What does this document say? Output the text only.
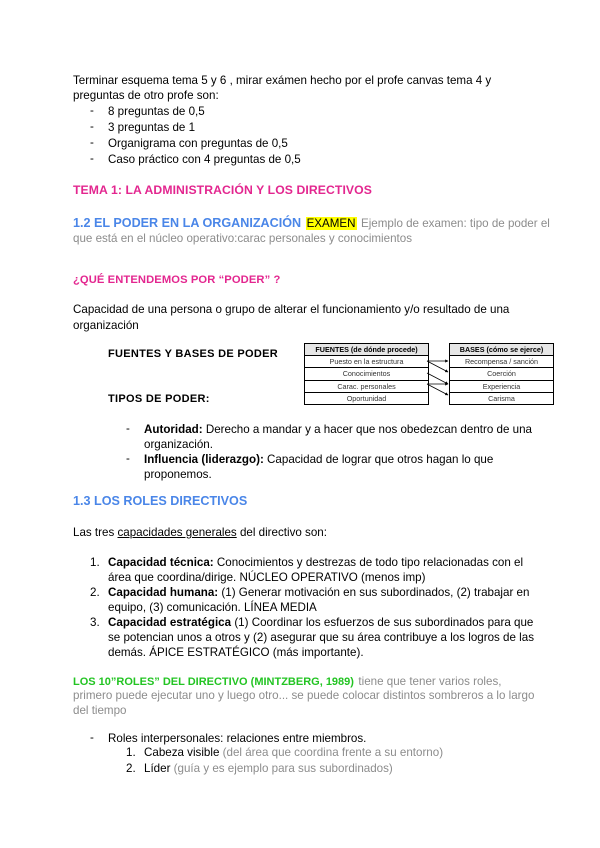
Terminar esquema tema 5 y 6 , mirar exámen hecho por el profe canvas tema 4 y
preguntas de otro profe son:
- 8 preguntas de 0,5
- 3 preguntas de 1
- Organigrama con preguntas de 0,5
- Caso práctico con 4 preguntas de 0,5
TEMA 1: LA ADMINISTRACIÓN Y LOS DIRECTIVOS
1.2 EL PODER EN LA ORGANIZACIÓN EXAMEN Ejemplo de examen: tipo de poder el
que está en el núcleo operativo:carac personales y conocimientos
¿QUÉ ENTENDEMOS POR “PODER” ?
Capacidad de una persona o grupo de alterar el funcionamiento y/o resultado de una
organización
FUENTES Y BASES DE PODER	FUENTES (de dónde procede)
Puesto en la estructura
Conocimientos
Carac. personales
Oportunidad
BASES (cómo se ejerce)
Recompensa / sanción
Coerción
Experiencia
Carisma
TIPOS DE PODER:
- Autoridad: Derecho a mandar y a hacer que nos obedezcan dentro de una
organización.
- Influencia (liderazgo): Capacidad de lograr que otros hagan lo que
proponemos.
1.3 LOS ROLES DIRECTIVOS
Las tres capacidades generales del directivo son:
1. Capacidad técnica: Conocimientos y destrezas de todo tipo relacionadas con el
área que coordina/dirige. NÚCLEO OPERATIVO (menos imp)
2. Capacidad humana: (1) Generar motivación en sus subordinados, (2) trabajar en
equipo, (3) comunicación. LÍNEA MEDIA
3. Capacidad estratégica (1) Coordinar los esfuerzos de sus subordinados para que
se potencian unos a otros y (2) asegurar que su área contribuye a los logros de las
demás. ÁPICE ESTRATÉGICO (más importante).
LOS 10”ROLES” DEL DIRECTIVO (MINTZBERG, 1989) tiene que tener varios roles,
primero puede ejecutar uno y luego otro... se puede colocar distintos sombreros a lo largo
del tiempo
- Roles interpersonales: relaciones entre miembros.
1. Cabeza visible (del área que coordina frente a su entorno)
2. Líder (guía y es ejemplo para sus subordinados)
